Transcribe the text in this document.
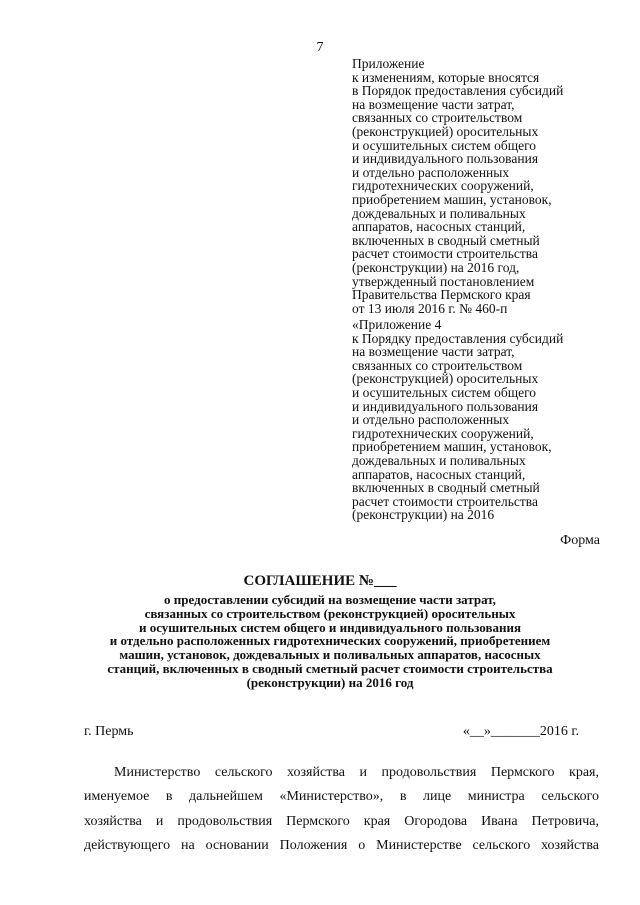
7
Приложение
к изменениям, которые вносятся
в Порядок предоставления субсидий
на возмещение части затрат,
связанных со строительством
(реконструкцией) оросительных
и осушительных систем общего
и индивидуального пользования
и отдельно расположенных
гидротехнических сооружений,
приобретением машин, установок,
дождевальных и поливальных
аппаратов, насосных станций,
включенных в сводный сметный
расчет стоимости строительства
(реконструкции) на 2016 год,
утвержденный постановлением
Правительства Пермского края
от 13 июля 2016 г. № 460-п
«Приложение 4
к Порядку предоставления субсидий
на возмещение части затрат,
связанных со строительством
(реконструкцией) оросительных
и осушительных систем общего
и индивидуального пользования
и отдельно расположенных
гидротехнических сооружений,
приобретением машин, установок,
дождевальных и поливальных
аппаратов, насосных станций,
включенных в сводный сметный
расчет стоимости строительства
(реконструкции) на 2016
Форма
СОГЛАШЕНИЕ №___
о предоставлении субсидий на возмещение части затрат,
связанных со строительством (реконструкцией) оросительных
и осушительных систем общего и индивидуального пользования
и отдельно расположенных гидротехнических сооружений, приобретением
машин, установок, дождевальных и поливальных аппаратов, насосных
станций, включенных в сводный сметный расчет стоимости строительства
(реконструкции) на 2016 год
г. Пермь	«__»_______2016 г.
Министерство сельского хозяйства и продовольствия Пермского края,
именуемое в дальнейшем «Министерство», в лице министра сельского
хозяйства и продовольствия Пермского края Огородова Ивана Петровича,
действующего на основании Положения о Министерстве сельского хозяйства
